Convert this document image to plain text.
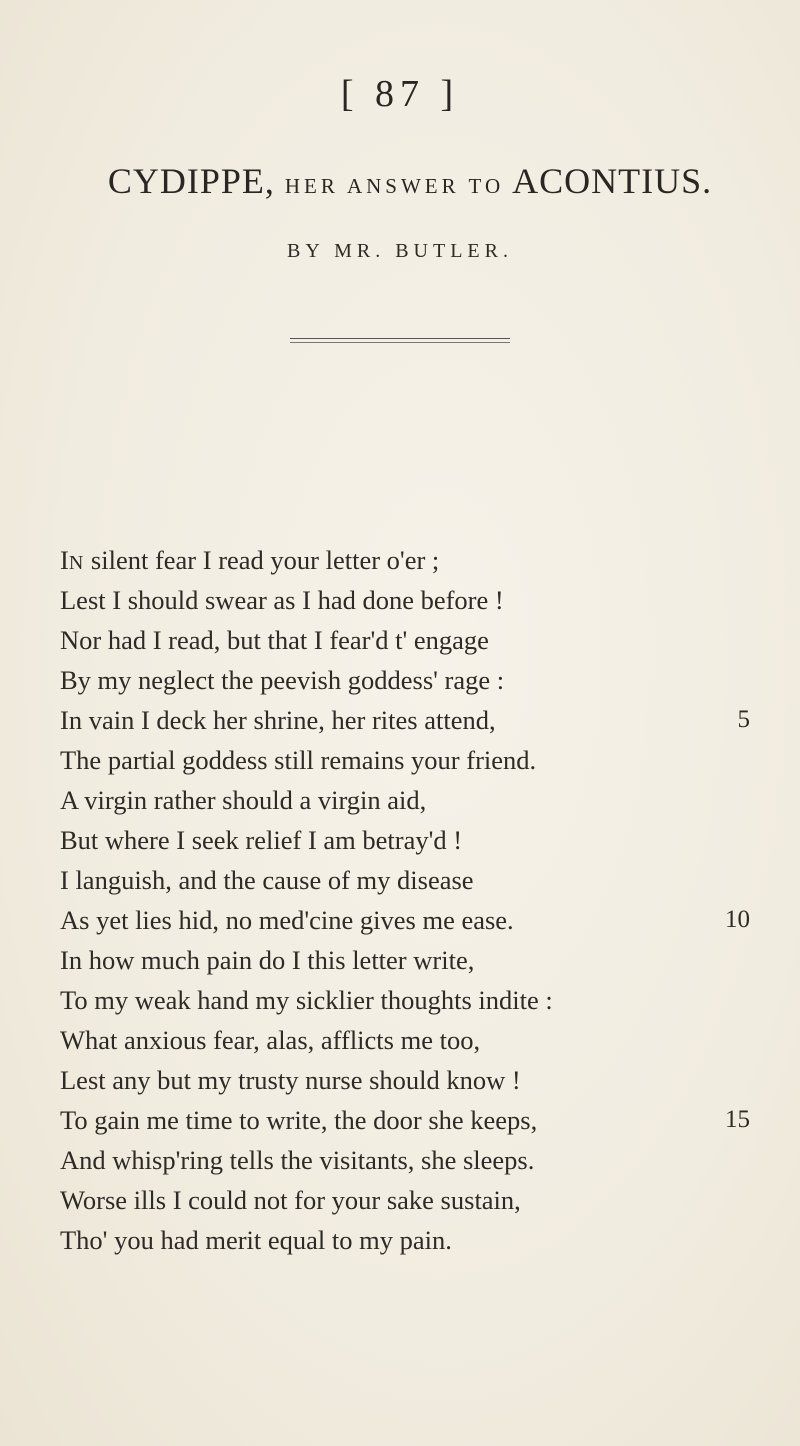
[ 87 ]
CYDIPPE, HER ANSWER TO ACONTIUS.
BY MR. BUTLER.
IN silent fear I read your letter o'er ;
Lest I should swear as I had done before !
Nor had I read, but that I fear'd t' engage
By my neglect the peevish goddess' rage :
In vain I deck her shrine, her rites attend,	5
The partial goddess still remains your friend.
A virgin rather should a virgin aid,
But where I seek relief I am betray'd !
I languish, and the cause of my disease
As yet lies hid, no med'cine gives me ease.	10
In how much pain do I this letter write,
To my weak hand my sicklier thoughts indite :
What anxious fear, alas, afflicts me too,
Lest any but my trusty nurse should know !
To gain me time to write, the door she keeps,	15
And whisp'ring tells the visitants, she sleeps.
Worse ills I could not for your sake sustain,
Tho' you had merit equal to my pain.
